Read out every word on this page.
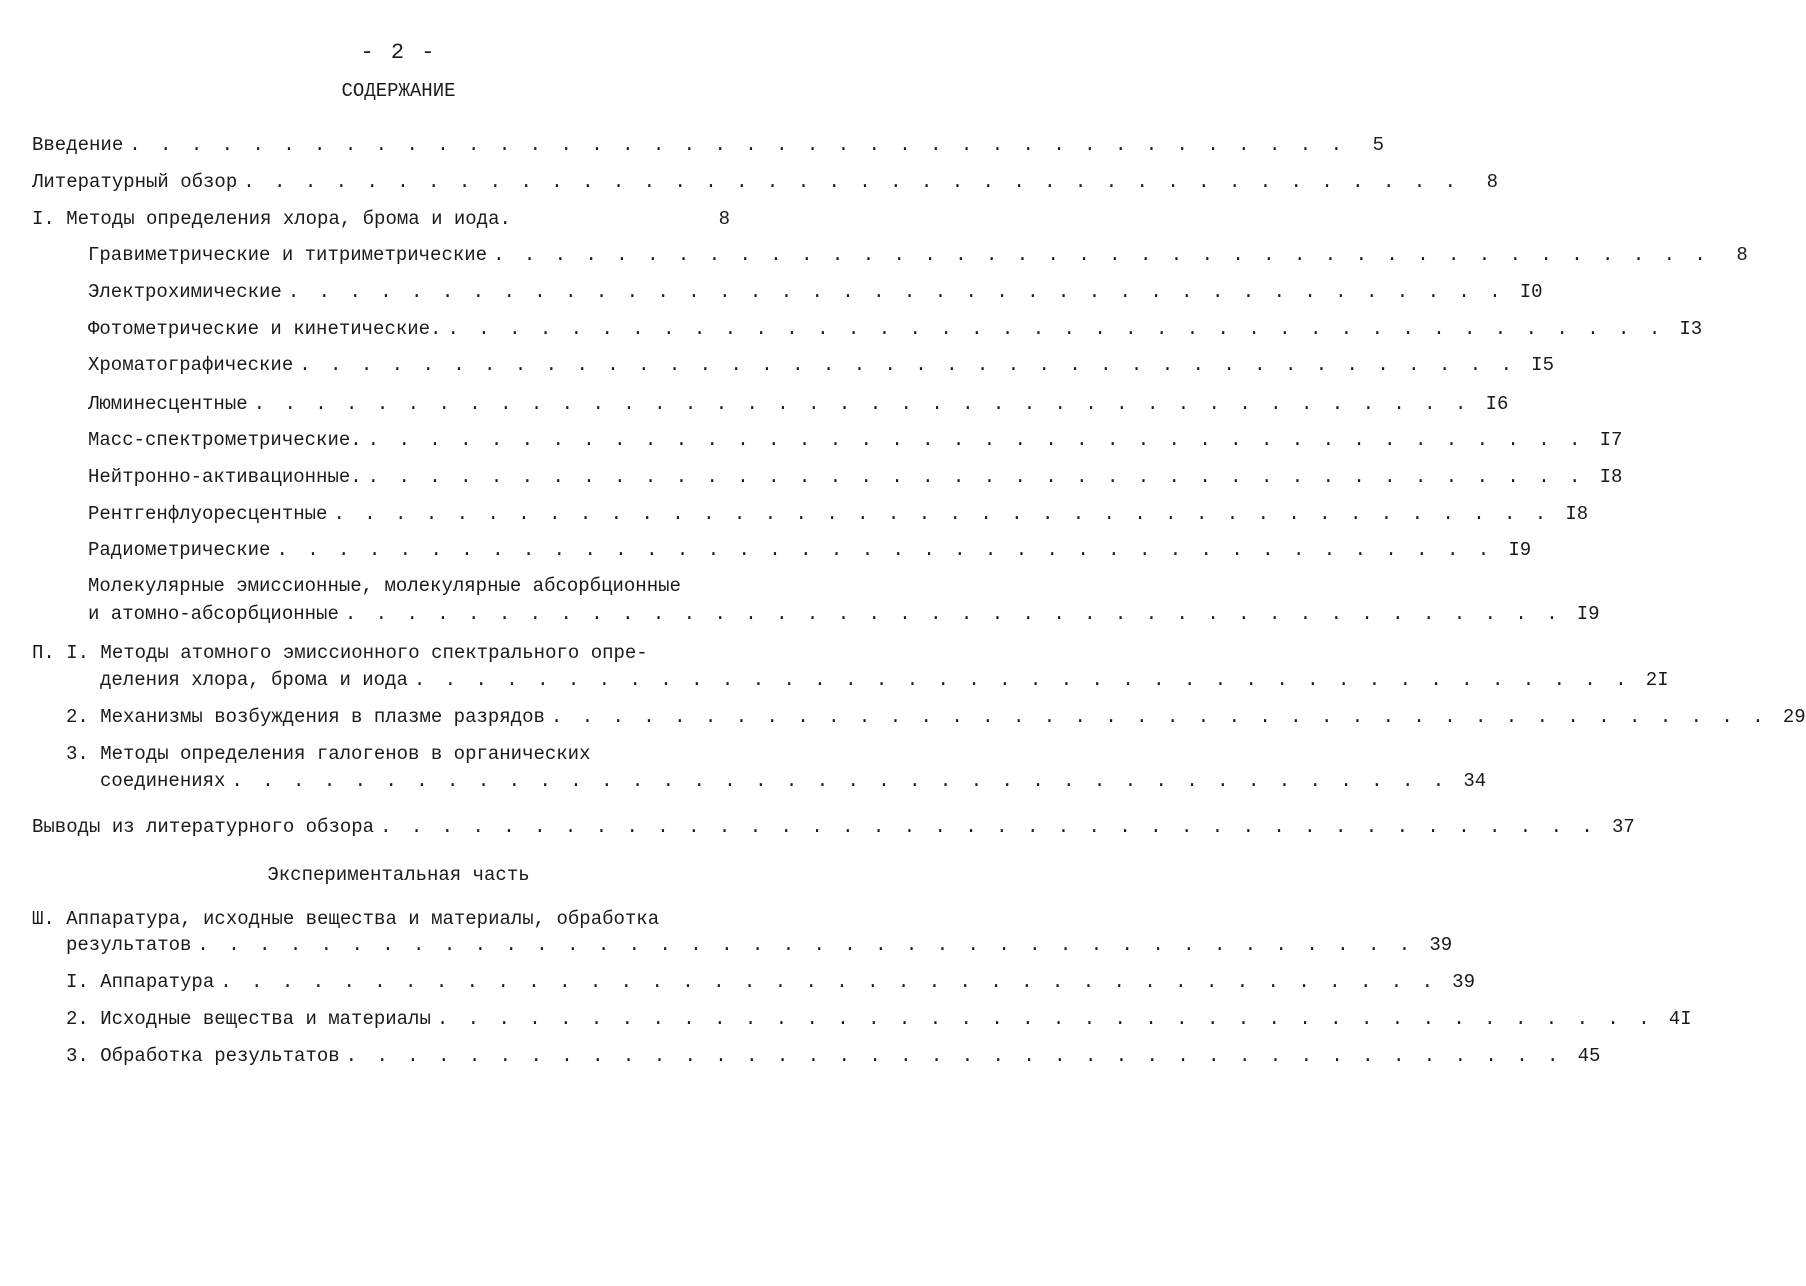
- 2 -
СОДЕРЖАНИЕ
Введение . . . . . . . . . . . . . . . . . . . . . . . . . . . . . . . . . . . . . . . .	5
Литературный обзор . . . . . . . . . . . . . . . . . . . . . . . . . . . . . . . . . . . . . . . .	8
I. Методы определения хлора, брома и иода.	8
Гравиметрические и титриметрические . . . . . . . . . . . . . . . . . . . . . . . . . . . . . . . . . . . . . . . .	8
Электрохимические . . . . . . . . . . . . . . . . . . . . . . . . . . . . . . . . . . . . . . . . I0
Фотометрические и кинетические. . . . . . . . . . . . . . . . . . . . . . . . . . . . . . . . . . . . . . . . . I3
Хроматографические . . . . . . . . . . . . . . . . . . . . . . . . . . . . . . . . . . . . . . . . I5
Люминесцентные . . . . . . . . . . . . . . . . . . . . . . . . . . . . . . . . . . . . . . . . I6
Масс-спектрометрические. . . . . . . . . . . . . . . . . . . . . . . . . . . . . . . . . . . . . . . . . I7
Нейтронно-активационные. . . . . . . . . . . . . . . . . . . . . . . . . . . . . . . . . . . . . . . . . I8
Рентгенфлуоресцентные . . . . . . . . . . . . . . . . . . . . . . . . . . . . . . . . . . . . . . . . I8
Радиометрические . . . . . . . . . . . . . . . . . . . . . . . . . . . . . . . . . . . . . . . . I9
Молекулярные эмиссионные, молекулярные абсорбционные
и атомно-абсорбционные . . . . . . . . . . . . . . . . . . . . . . . . . . . . . . . . . . . . . . . . I9
П. I. Методы атомного эмиссионного спектрального опре-
деления хлора, брома и иода . . . . . . . . . . . . . . . . . . . . . . . . . . . . . . . . . . . . . . . . 2I
2. Механизмы возбуждения в плазме разрядов . . . . . . . . . . . . . . . . . . . . . . . . . . . . . . . . . . . . . . . . 29
3. Методы определения галогенов в органических
соединениях . . . . . . . . . . . . . . . . . . . . . . . . . . . . . . . . . . . . . . . . 34
Выводы из литературного обзора . . . . . . . . . . . . . . . . . . . . . . . . . . . . . . . . . . . . . . . . 37
Экспериментальная часть
Ш. Аппаратура, исходные вещества и материалы, обработка
результатов . . . . . . . . . . . . . . . . . . . . . . . . . . . . . . . . . . . . . . . . 39
I. Аппаратура . . . . . . . . . . . . . . . . . . . . . . . . . . . . . . . . . . . . . . . . 39
2. Исходные вещества и материалы . . . . . . . . . . . . . . . . . . . . . . . . . . . . . . . . . . . . . . . . 4I
3. Обработка результатов . . . . . . . . . . . . . . . . . . . . . . . . . . . . . . . . . . . . . . . . 45
